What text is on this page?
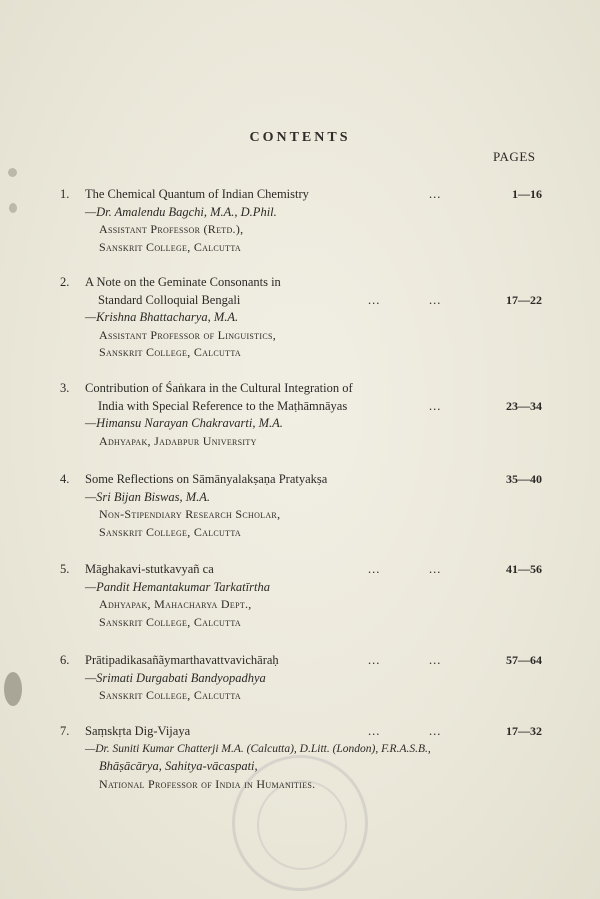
CONTENTS
PAGES
1. The Chemical Quantum of Indian Chemistry	...	1—16
—Dr. Amalendu Bagchi, M.A., D.Phil.
Assistant Professor (Retd.),
Sanskrit College, Calcutta
2. A Note on the Geminate Consonants in
Standard Colloquial Bengali	...	...	17—22
—Krishna Bhattacharya, M.A.
Assistant Professor of Linguistics,
Sanskrit College, Calcutta
3. Contribution of Śaṅkara in the Cultural Integration of
India with Special Reference to the Maṭhāmnāyas	...	23—34
—Himansu Narayan Chakravarti, M.A.
Adhyapak, Jadabpur University
4. Some Reflections on Sāmānyalakṣaṇa Pratyakṣa	35—40
—Sri Bijan Biswas, M.A.
Non-Stipendiary Research Scholar,
Sanskrit College, Calcutta
5. Māghakavi-stutkavyañ ca	...	...	41—56
—Pandit Hemantakumar Tarkatīrtha
Adhyapak, Mahacharya Dept.,
Sanskrit College, Calcutta
6. Prātipadikasañãymarthavattvavichāraḥ	...	...	57—64
—Srimati Durgabati Bandyopadhya
Sanskrit College, Calcutta
7. Saṃskṛta Dig-Vijaya	...	...	17—32
—Dr. Suniti Kumar Chatterji M.A. (Calcutta), D.Litt. (London), F.R.A.S.B.,
Bhāṣācārya, Sahitya-vācaspati,
National Professor of India in Humanities.
